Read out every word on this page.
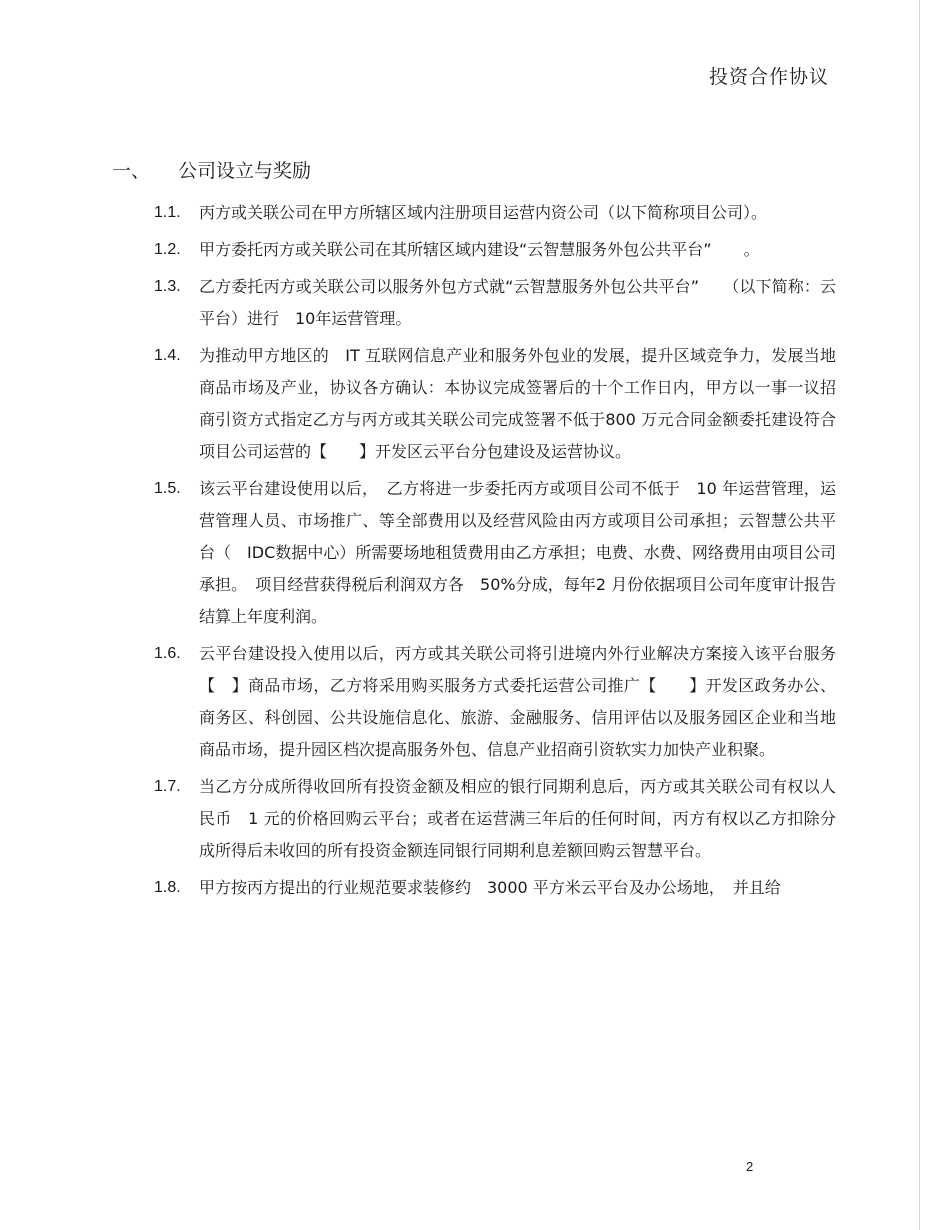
投资合作协议
一、 公司设立与奖励
1.1. 丙方或关联公司在甲方所辖区域内注册项目运营内资公司（以下简称项目公司）。
1.2. 甲方委托丙方或关联公司在其所辖区域内建设“云智慧服务外包公共平台”　　。
1.3. 乙方委托丙方或关联公司以服务外包方式就“云智慧服务外包公共平台”　　（以下简称：云平台）进行　10年运营管理。
1.4. 为推动甲方地区的　IT 互联网信息产业和服务外包业的发展，提升区域竞争力，发展当地商品市场及产业，协议各方确认：本协议完成签署后的十个工作日内，甲方以一事一议招商引资方式指定乙方与丙方或其关联公司完成签署不低于800 万元合同金额委托建设符合项目公司运营的【　　】开发区云平台分包建设及运营协议。
1.5. 该云平台建设使用以后，　乙方将进一步委托丙方或项目公司不低于　10 年运营管理，运营管理人员、市场推广、等全部费用以及经营风险由丙方或项目公司承担；云智慧公共平台（　IDC数据中心）所需要场地租赁费用由乙方承担；电费、水费、网络费用由项目公司承担。　项目经营获得税后利润双方各　50%分成，每年2 月份依据项目公司年度审计报告结算上年度利润。
1.6. 云平台建设投入使用以后，丙方或其关联公司将引进境内外行业解决方案接入该平台服务【　】商品市场，乙方将采用购买服务方式委托运营公司推广【　　】开发区政务办公、商务区、科创园、公共设施信息化、旅游、金融服务、信用评估以及服务园区企业和当地商品市场，提升园区档次提高服务外包、信息产业招商引资软实力加快产业积聚。
1.7. 当乙方分成所得收回所有投资金额及相应的银行同期利息后，丙方或其关联公司有权以人民币　1 元的价格回购云平台；或者在运营满三年后的任何时间，丙方有权以乙方扣除分成所得后未收回的所有投资金额连同银行同期利息差额回购云智慧平台。
1.8. 甲方按丙方提出的行业规范要求装修约　3000 平方米云平台及办公场地，　并且给
2
